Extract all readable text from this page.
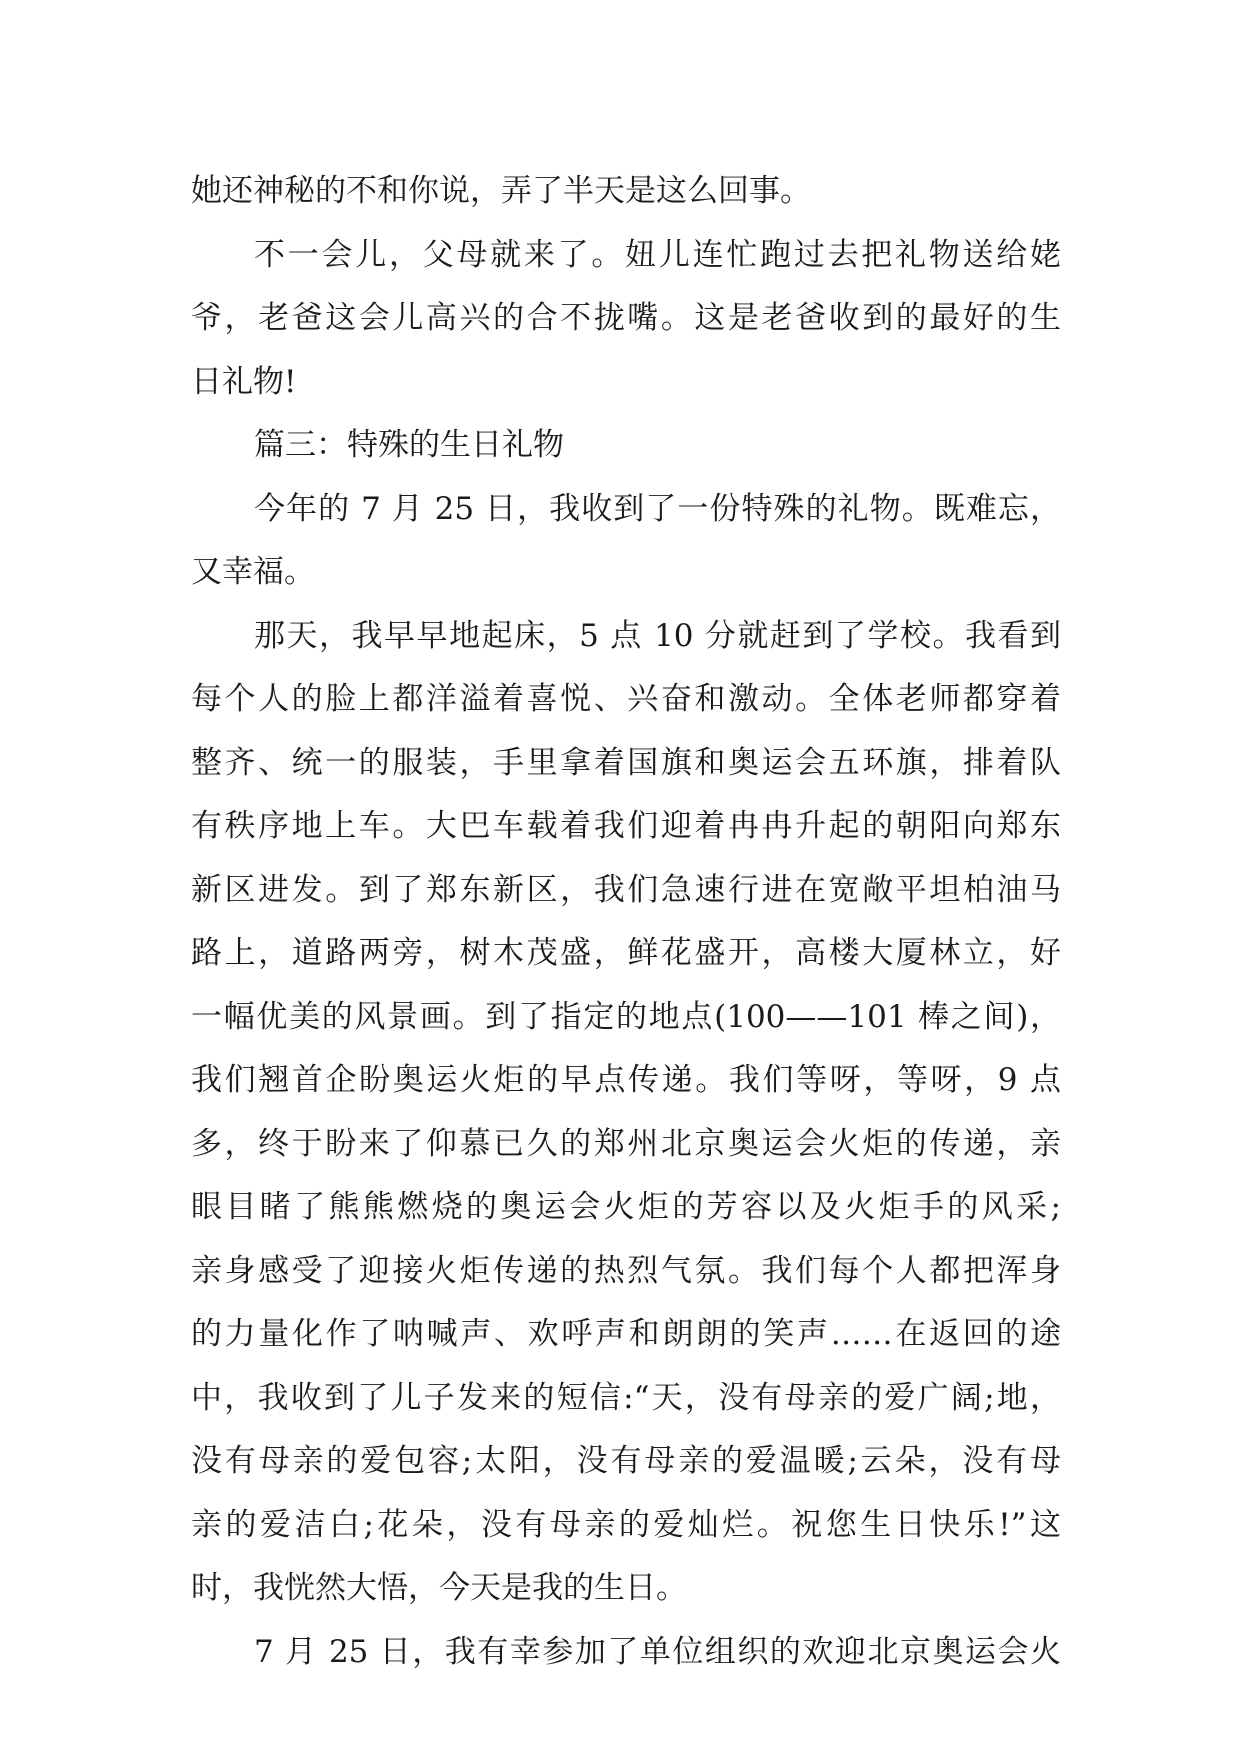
她还神秘的不和你说，弄了半天是这么回事。
不一会儿，父母就来了。妞儿连忙跑过去把礼物送给姥
爷，老爸这会儿高兴的合不拢嘴。这是老爸收到的最好的生
日礼物!
篇三：特殊的生日礼物
今年的 7 月 25 日，我收到了一份特殊的礼物。既难忘，
又幸福。
那天，我早早地起床，5 点 10 分就赶到了学校。我看到
每个人的脸上都洋溢着喜悦、兴奋和激动。全体老师都穿着
整齐、统一的服装，手里拿着国旗和奥运会五环旗，排着队
有秩序地上车。大巴车载着我们迎着冉冉升起的朝阳向郑东
新区进发。到了郑东新区，我们急速行进在宽敞平坦柏油马
路上，道路两旁，树木茂盛，鲜花盛开，高楼大厦林立，好
一幅优美的风景画。到了指定的地点(100——101 棒之间)，
我们翘首企盼奥运火炬的早点传递。我们等呀，等呀，9 点
多，终于盼来了仰慕已久的郑州北京奥运会火炬的传递，亲
眼目睹了熊熊燃烧的奥运会火炬的芳容以及火炬手的风采;
亲身感受了迎接火炬传递的热烈气氛。我们每个人都把浑身
的力量化作了呐喊声、欢呼声和朗朗的笑声……在返回的途
中，我收到了儿子发来的短信:“天，没有母亲的爱广阔;地，
没有母亲的爱包容;太阳，没有母亲的爱温暖;云朵，没有母
亲的爱洁白;花朵，没有母亲的爱灿烂。祝您生日快乐!”这
时，我恍然大悟，今天是我的生日。
7 月 25 日，我有幸参加了单位组织的欢迎北京奥运会火
